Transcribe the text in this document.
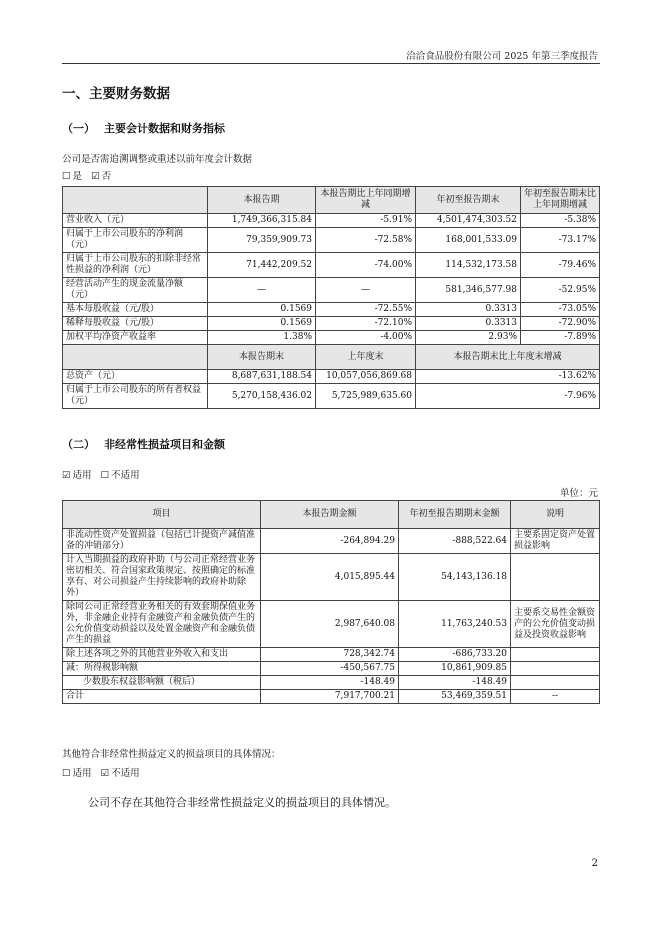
洽洽食品股份有限公司 2025 年第三季度报告
一、主要财务数据
（一） 主要会计数据和财务指标
公司是否需追溯调整或重述以前年度会计数据
☐ 是 ☑ 否
	本报告期	本报告期比上年同期增减	年初至报告期末	年初至报告期末比上年同期增减
营业收入（元）	1,749,366,315.84	-5.91%	4,501,474,303.52	-5.38%
归属于上市公司股东的净利润（元）	79,359,909.73	-72.58%	168,001,533.09	-73.17%
归属于上市公司股东的扣除非经常性损益的净利润（元）	71,442,209.52	-74.00%	114,532,173.58	-79.46%
经营活动产生的现金流量净额（元）	—	—	581,346,577.98	-52.95%
基本每股收益（元/股）	0.1569	-72.55%	0.3313	-73.05%
稀释每股收益（元/股）	0.1569	-72.10%	0.3313	-72.90%
加权平均净资产收益率	1.38%	-4.00%	2.93%	-7.89%
	本报告期末	上年度末	本报告期末比上年度末增减	
总资产（元）	8,687,631,188.54	10,057,056,869.68	-13.62%	
归属于上市公司股东的所有者权益（元）	5,270,158,436.02	5,725,989,635.60	-7.96%	
（二） 非经常性损益项目和金额
☑ 适用 ☐ 不适用
单位：元
项目	本报告期金额	年初至报告期期末金额	说明
非流动性资产处置损益（包括已计提资产减值准备的冲销部分）	-264,894.29	-888,522.64	主要系固定资产处置损益影响
计入当期损益的政府补助（与公司正常经营业务密切相关、符合国家政策规定、按照确定的标准享有、对公司损益产生持续影响的政府补助除外）	4,015,895.44	54,143,136.18	
除同公司正常经营业务相关的有效套期保值业务外，非金融企业持有金融资产和金融负债产生的公允价值变动损益以及处置金融资产和金融负债产生的损益	2,987,640.08	11,763,240.53	主要系交易性金额资产的公允价值变动损益及投资收益影响
除上述各项之外的其他营业外收入和支出	728,342.74	-686,733.20	
减：所得税影响额	-450,567.75	10,861,909.85	
少数股东权益影响额（税后）	-148.49	-148.49	
合计	7,917,700.21	53,469,359.51	--
其他符合非经常性损益定义的损益项目的具体情况：
☐ 适用 ☑ 不适用
公司不存在其他符合非经常性损益定义的损益项目的具体情况。
2
